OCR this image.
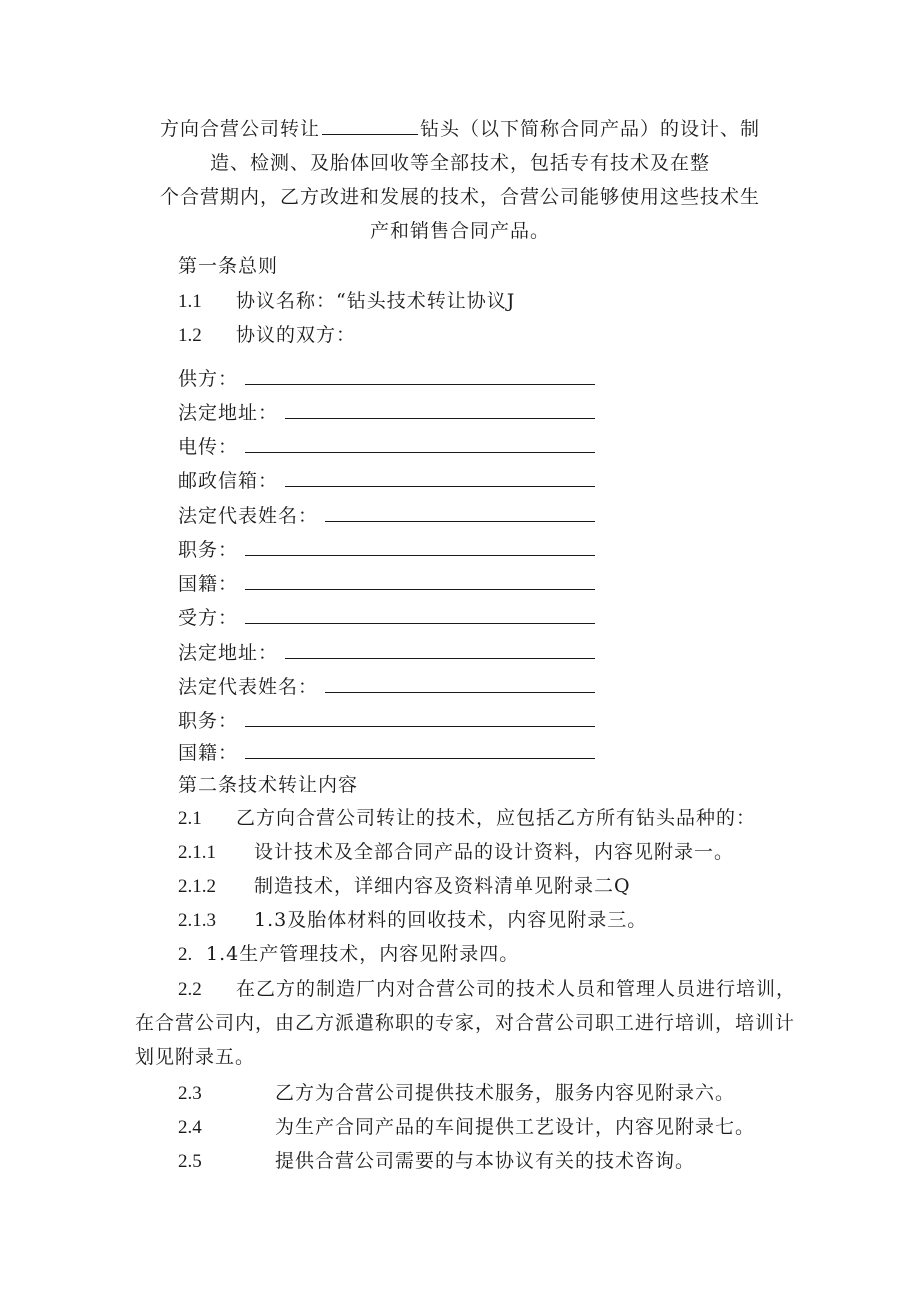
方向合营公司转让	钻头（以下简称合同产品）的设计、制
造、检测、及胎体回收等全部技术，包括专有技术及在整
个合营期内，乙方改进和发展的技术，合营公司能够使用这些技术生
产和销售合同产品。
第一条总则
1.1 协议名称：“钻头技术转让协议J
1.2 协议的双方：
供方：
法定地址：
电传：
邮政信箱：
法定代表姓名：
职务：
国籍：
受方：
法定地址：
法定代表姓名：
职务：
国籍：
第二条技术转让内容
2.1 乙方向合营公司转让的技术，应包括乙方所有钻头品种的：
2.1.1 设计技术及全部合同产品的设计资料，内容见附录一。
2.1.2 制造技术，详细内容及资料清单见附录二Q
2.1.3 1.3及胎体材料的回收技术，内容见附录三。
2. 1.4生产管理技术，内容见附录四。
2.2 在乙方的制造厂内对合营公司的技术人员和管理人员进行培训，
在合营公司内，由乙方派遣称职的专家，对合营公司职工进行培训，培训计
划见附录五。
2.3	乙方为合营公司提供技术服务，服务内容见附录六。
2.4	为生产合同产品的车间提供工艺设计，内容见附录七。
2.5	提供合营公司需要的与本协议有关的技术咨询。
